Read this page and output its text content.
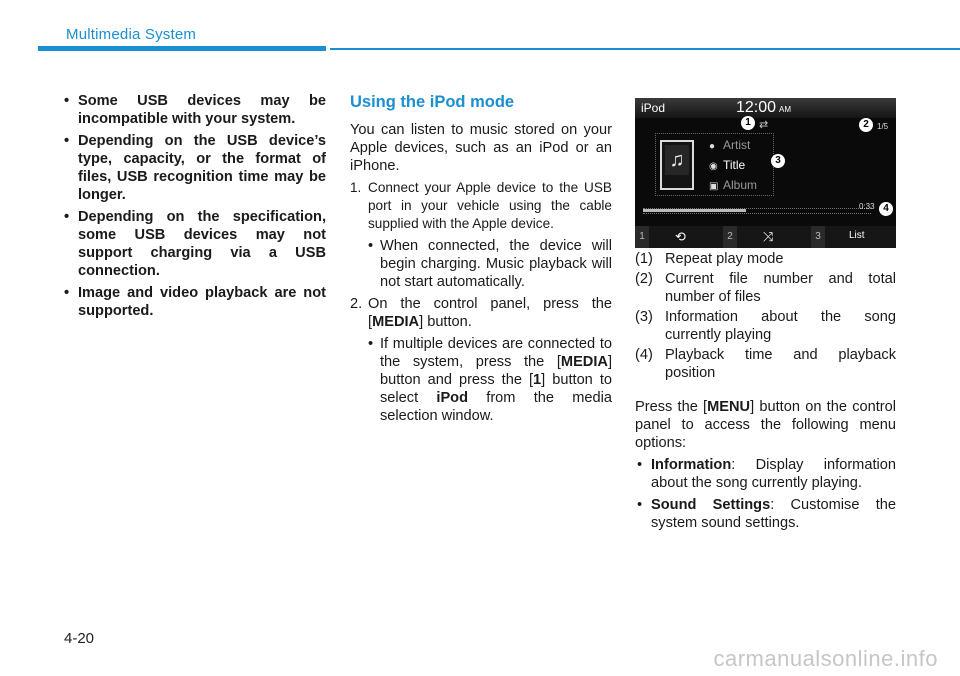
Multimedia System
• Some USB devices may be incompatible with your system.
• Depending on the USB device’s type, capacity, or the format of files, USB recognition time may be longer.
• Depending on the specification, some USB devices may not support charging via a USB connection.
• Image and video playback are not supported.
Using the iPod mode
You can listen to music stored on your Apple devices, such as an iPod or an iPhone.
1. Connect your Apple device to the USB port in your vehicle using the cable supplied with the Apple device.
• When connected, the device will begin charging. Music playback will not start automatically.
2. On the control panel, press the [MEDIA] button.
• If multiple devices are connected to the system, press the [MEDIA] button and press the [1] button to select iPod from the media selection window.
iPod	12:00 AM
1 ⇄	2	1/5
♫
● Artist
◉ Title
▣ Album
3
0:33 4
1	⟲	2	⤨	3	List
(1) Repeat play mode
(2) Current file number and total number of files
(3) Information about the song currently playing
(4) Playback time and playback position
Press the [MENU] button on the control panel to access the following menu options:
• Information: Display information about the song currently playing.
• Sound Settings: Customise the system sound settings.
4-20
carmanualsonline.info
